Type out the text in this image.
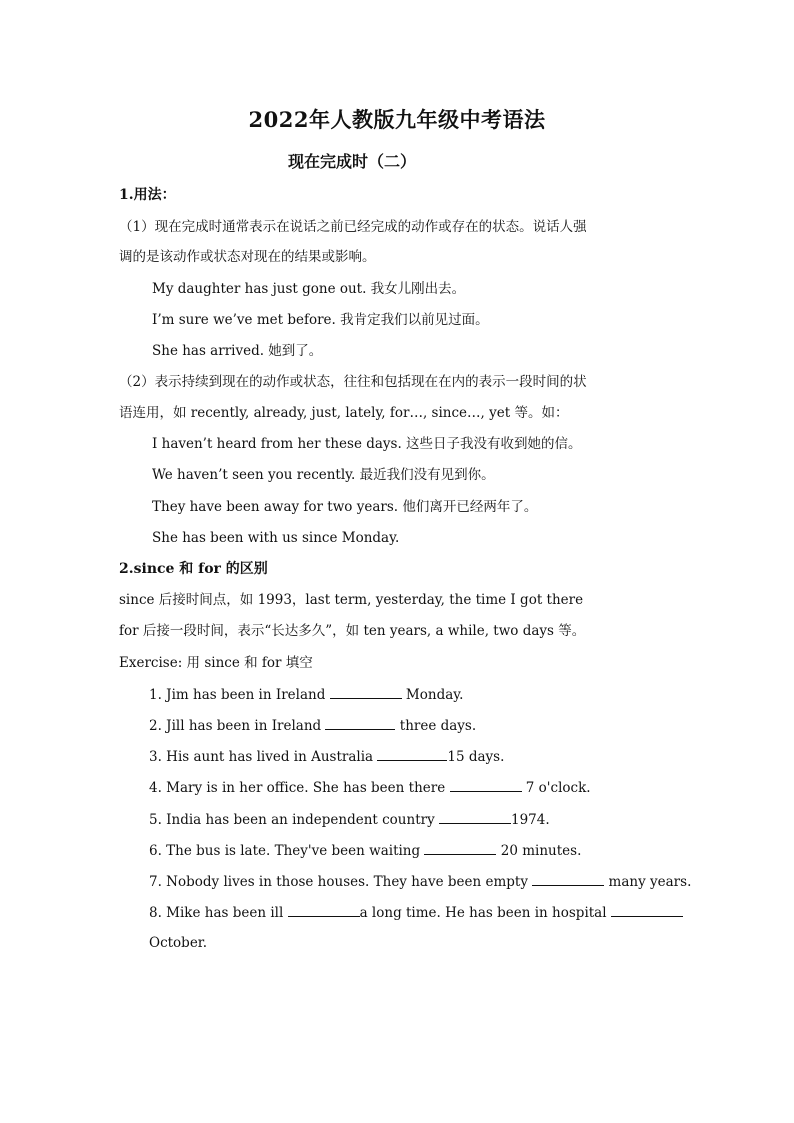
2022年人教版九年级中考语法
现在完成时（二）
1.用法：
（1）现在完成时通常表示在说话之前已经完成的动作或存在的状态。说话人强
调的是该动作或状态对现在的结果或影响。
My daughter has just gone out. 我女儿刚出去。
I’m sure we’ve met before. 我肯定我们以前见过面。
She has arrived. 她到了。
（2）表示持续到现在的动作或状态，往往和包括现在在内的表示一段时间的状
语连用，如 recently, already, just, lately, for…, since…, yet 等。如：
I haven’t heard from her these days. 这些日子我没有收到她的信。
We haven’t seen you recently. 最近我们没有见到你。
They have been away for two years. 他们离开已经两年了。
She has been with us since Monday.
2.since 和 for 的区别
since 后接时间点，如 1993，last term, yesterday, the time I got there
for 后接一段时间，表示“长达多久”，如 ten years, a while, two days 等。
Exercise: 用 since 和 for 填空
1. Jim has been in Ireland	Monday.
2. Jill has been in Ireland	three days.
3. His aunt has lived in Australia	15 days.
4. Mary is in her office. She has been there	7 o'clock.
5. India has been an independent country	1974.
6. The bus is late. They've been waiting	20 minutes.
7. Nobody lives in those houses. They have been empty	many years.
8. Mike has been ill	a long time. He has been in hospital
October.
